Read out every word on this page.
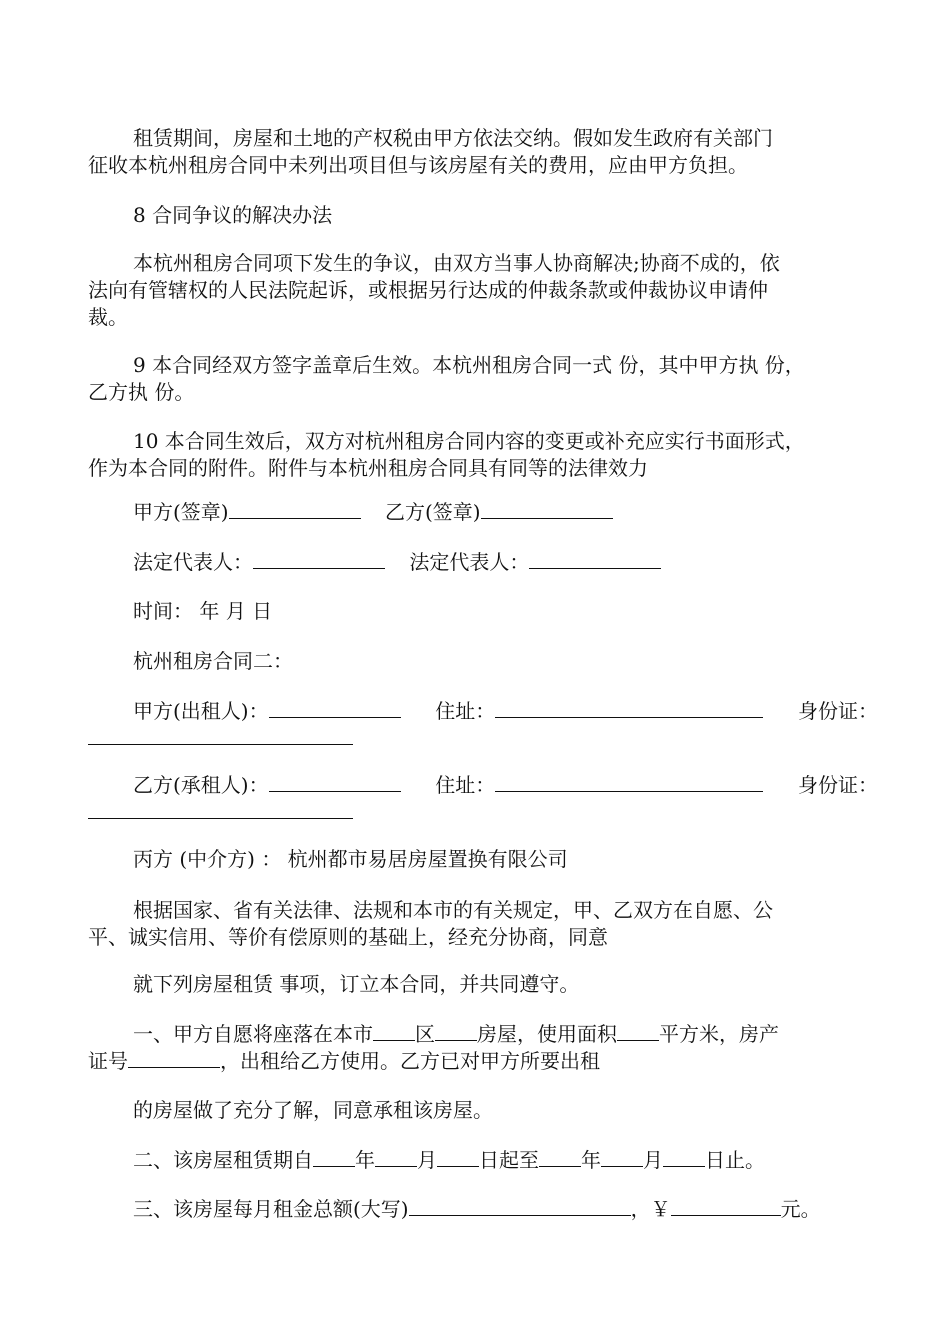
租赁期间，房屋和土地的产权税由甲方依法交纳。假如发生政府有关部门
征收本杭州租房合同中未列出项目但与该房屋有关的费用，应由甲方负担。
8 合同争议的解决办法
本杭州租房合同项下发生的争议，由双方当事人协商解决;协商不成的，依
法向有管辖权的人民法院起诉，或根据另行达成的仲裁条款或仲裁协议申请仲
裁。
9 本合同经双方签字盖章后生效。本杭州租房合同一式 份，其中甲方执 份，
乙方执 份。
10 本合同生效后，双方对杭州租房合同内容的变更或补充应实行书面形式，
作为本合同的附件。附件与本杭州租房合同具有同等的法律效力
甲方(签章)	乙方(签章)
法定代表人：	法定代表人：
时间： 年 月 日
杭州租房合同二：
甲方(出租人)：	住址：	身份证：
乙方(承租人)：	住址：	身份证：
丙方 (中介方) ： 杭州都市易居房屋置换有限公司
根据国家、省有关法律、法规和本市的有关规定，甲、乙双方在自愿、公
平、诚实信用、等价有偿原则的基础上，经充分协商，同意
就下列房屋租赁 事项，订立本合同，并共同遵守。
一、甲方自愿将座落在本市 区 房屋，使用面积 平方米，房产
证号	，出租给乙方使用。乙方已对甲方所要出租
的房屋做了充分了解，同意承租该房屋。
二、该房屋租赁期自 年 月 日起至 年 月 日止。
三、该房屋每月租金总额(大写)	，￥	元。
